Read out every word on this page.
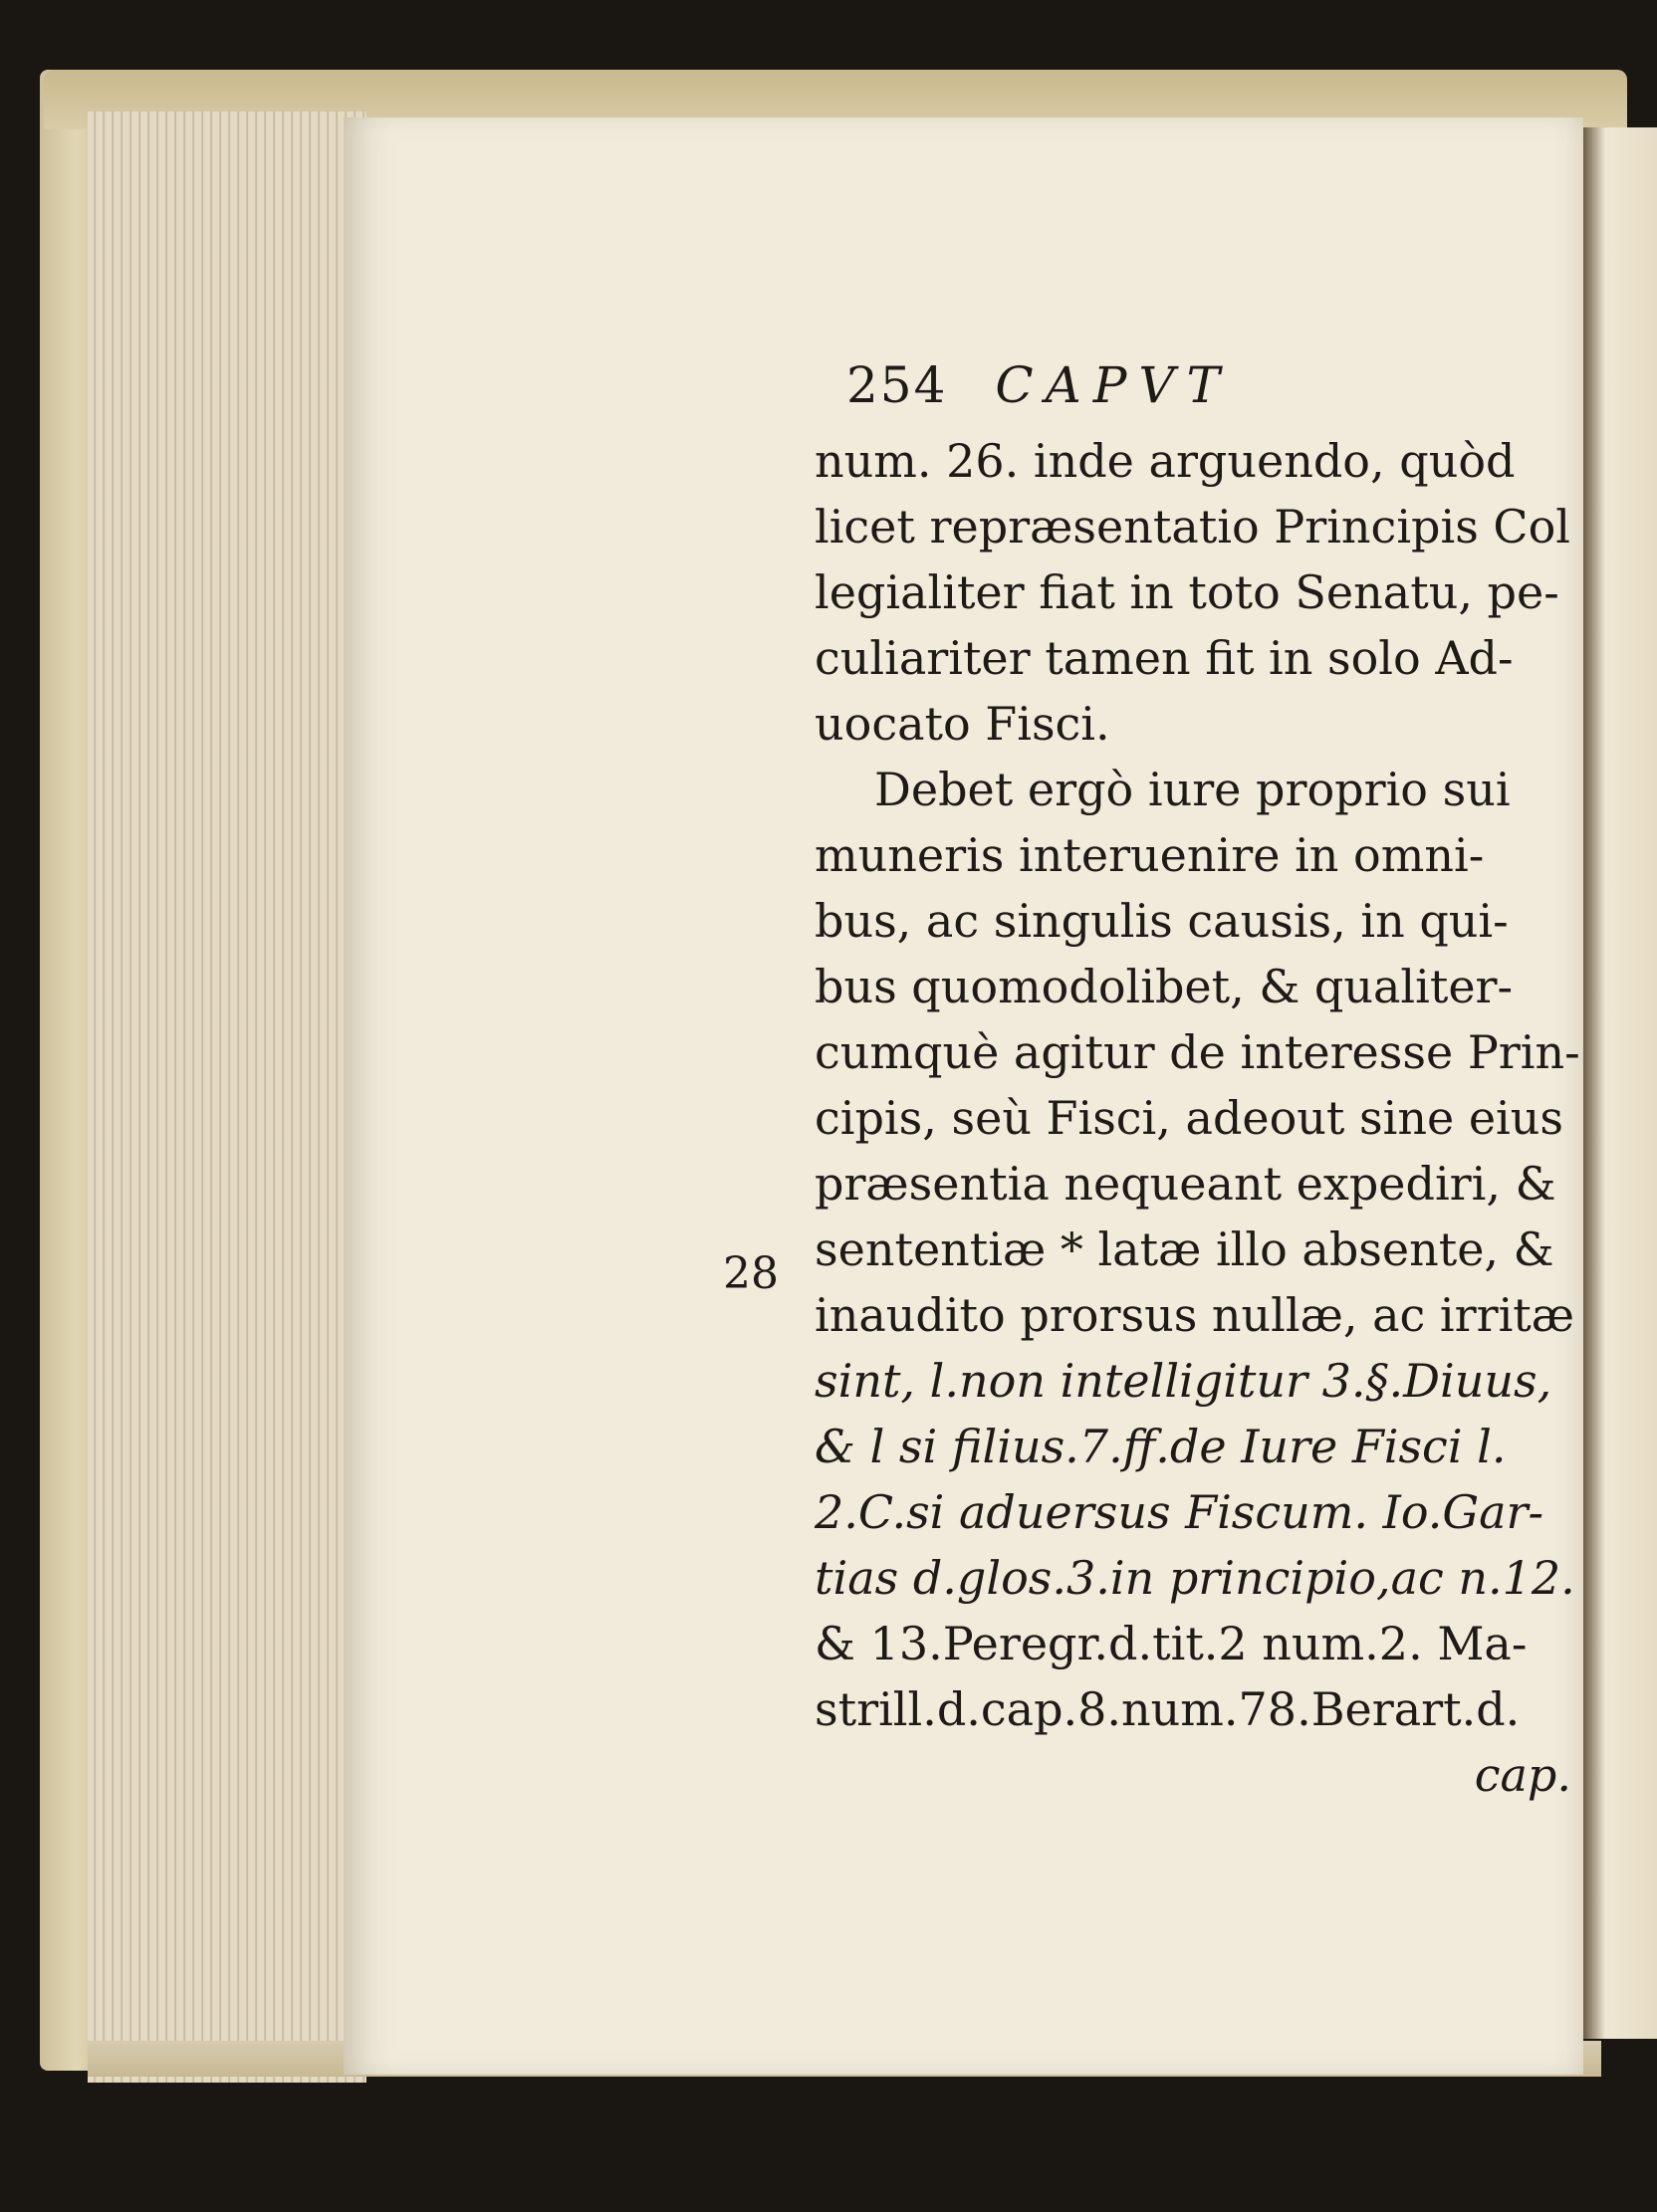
254 CAPVT
28
num. 26. inde arguendo, quòd
licet repræsentatio Principis Col
legialiter fiat in toto Senatu, pe-
culiariter tamen fit in solo Ad-
uocato Fisci.
Debet ergò iure proprio sui
muneris interuenire in omni-
bus, ac singulis causis, in qui-
bus quomodolibet, & qualiter-
cumquè agitur de interesse Prin-
cipis, seù Fisci, adeout sine eius
præsentia nequeant expediri, &
sententiæ * latæ illo absente, &
inaudito prorsus nullæ, ac irritæ
sint, l.non intelligitur 3.§.Diuus,
& l si filius.7.ff.de Iure Fisci l.
2.C.si aduersus Fiscum. Io.Gar-
tias d.glos.3.in principio,ac n.12.
& 13.Peregr.d.tit.2 num.2. Ma-
strill.d.cap.8.num.78.Berart.d.
cap.
